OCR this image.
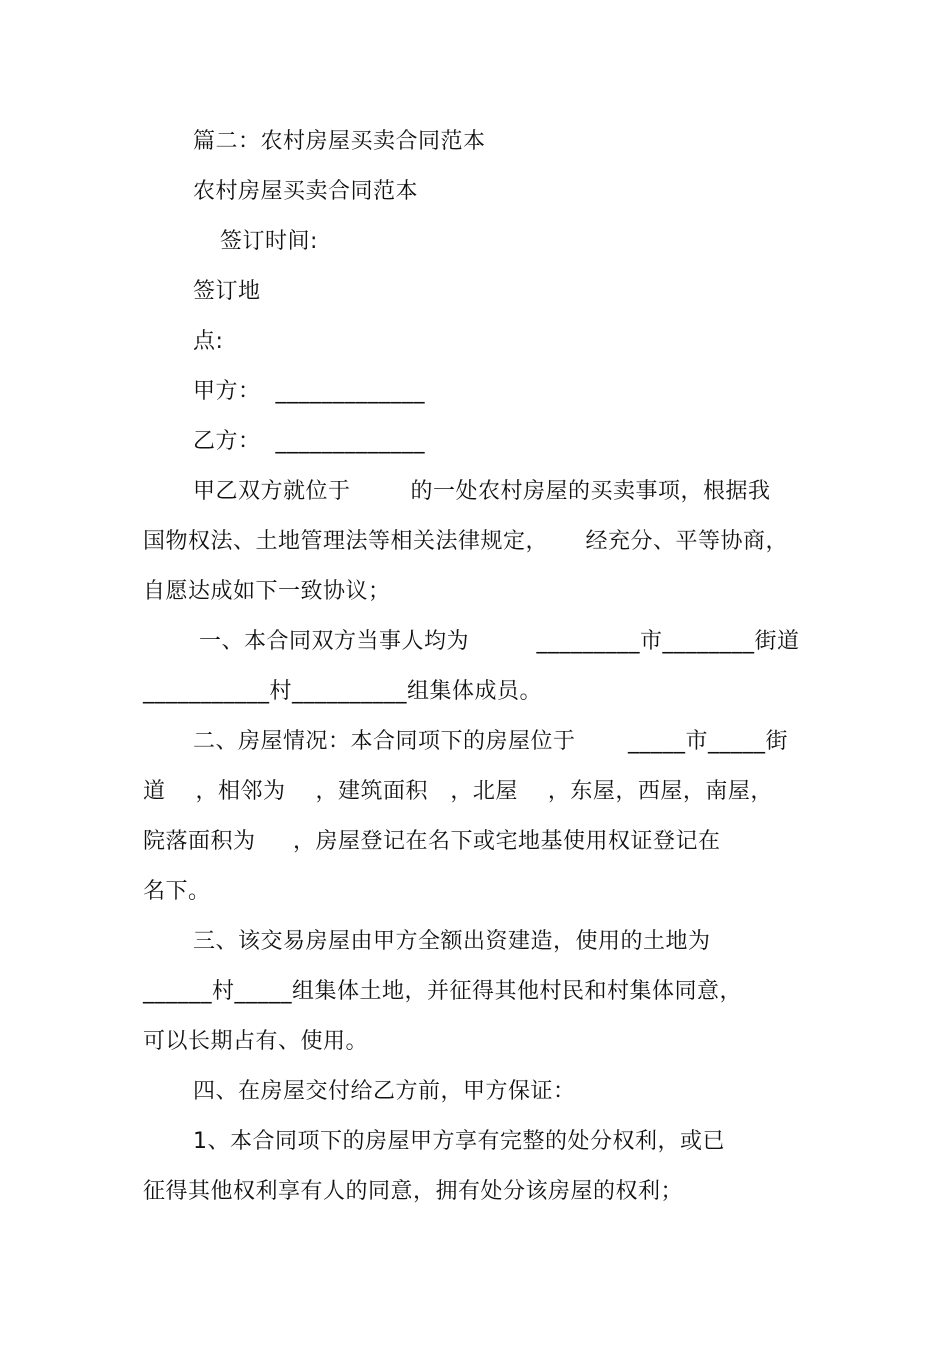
篇二：农村房屋买卖合同范本
农村房屋买卖合同范本
签订时间:
签订地
点:
甲方：  _____________
乙方：  _____________
甲乙双方就位于        的一处农村房屋的买卖事项，根据我
国物权法、土地管理法等相关法律规定，     经充分、平等协商，
自愿达成如下一致协议；
一、本合同双方当事人均为         _________市________街道
___________村__________组集体成员。
二、房屋情况：本合同项下的房屋位于       _____市_____街
道    ，相邻为    ，建筑面积   ，北屋    ，东屋，西屋，南屋，
院落面积为     ，房屋登记在名下或宅地基使用权证登记在
名下。
三、该交易房屋由甲方全额出资建造，使用的土地为
______村_____组集体土地，并征得其他村民和村集体同意，
可以长期占有、使用。
四、在房屋交付给乙方前，甲方保证：
1、本合同项下的房屋甲方享有完整的处分权利，或已
征得其他权利享有人的同意，拥有处分该房屋的权利；
